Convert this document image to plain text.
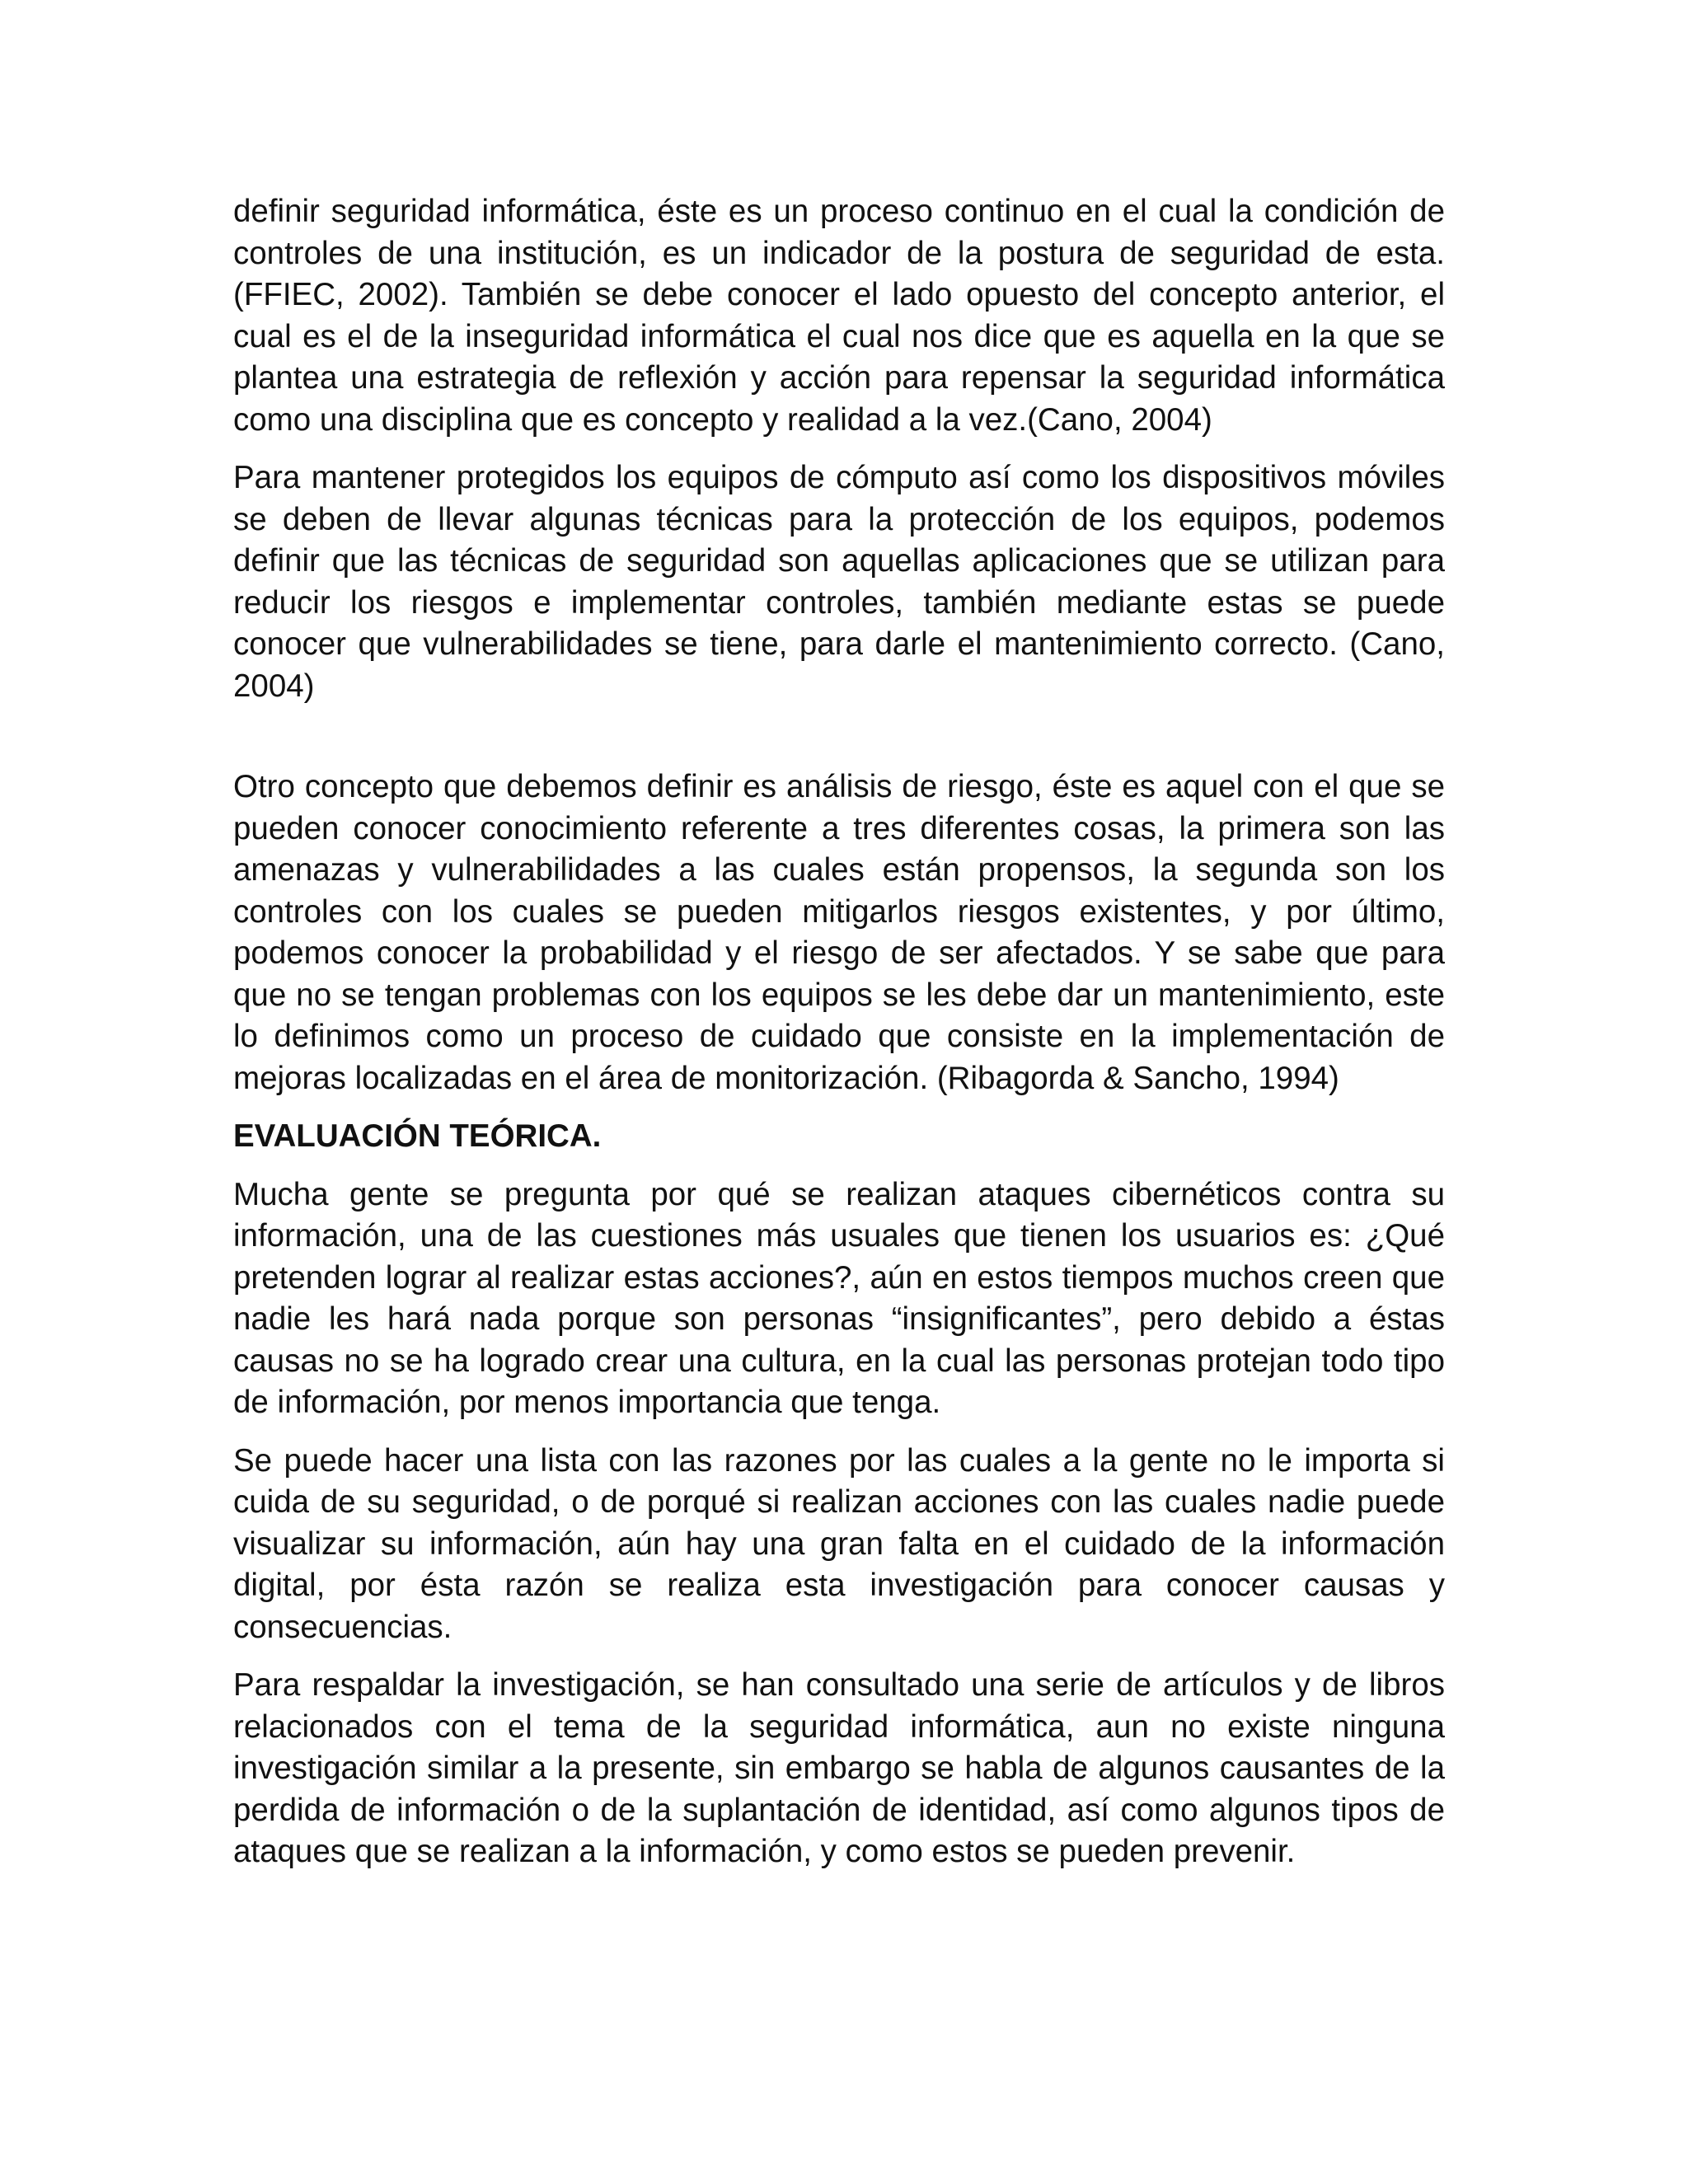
definir seguridad informática, éste es un proceso continuo en el cual la condición de controles de una institución, es un indicador de la postura de seguridad de esta. (FFIEC, 2002). También se debe conocer el lado opuesto del concepto anterior, el cual es el de la inseguridad informática el cual nos dice que es aquella en la que se plantea una estrategia de reflexión y acción para repensar la seguridad informática como una disciplina que es concepto y realidad a la vez.(Cano, 2004)

Para mantener protegidos los equipos de cómputo así como los dispositivos móviles se deben de llevar algunas técnicas para la protección de los equipos, podemos definir que las técnicas de seguridad son aquellas aplicaciones que se utilizan para reducir los riesgos e implementar controles, también mediante estas se puede conocer que vulnerabilidades se tiene, para darle el mantenimiento correcto. (Cano, 2004)

Otro concepto que debemos definir es análisis de riesgo, éste es aquel con el que se pueden conocer conocimiento referente a tres diferentes cosas, la primera son las amenazas y vulnerabilidades a las cuales están propensos, la segunda son los controles con los cuales se pueden mitigarlos riesgos existentes, y por último, podemos conocer la probabilidad y el riesgo de ser afectados. Y se sabe que para que no se tengan problemas con los equipos se les debe dar un mantenimiento, este lo definimos como un proceso de cuidado que consiste en la implementación de mejoras localizadas en el área de monitorización. (Ribagorda & Sancho, 1994)

EVALUACIÓN TEÓRICA.

Mucha gente se pregunta por qué se realizan ataques cibernéticos contra su información, una de las cuestiones más usuales que tienen los usuarios es: ¿Qué pretenden lograr al realizar estas acciones?, aún en estos tiempos muchos creen que nadie les hará nada porque son personas “insignificantes”, pero debido a éstas causas no se ha logrado crear una cultura, en la cual las personas protejan todo tipo de información, por menos importancia que tenga.

Se puede hacer una lista con las razones por las cuales a la gente no le importa si cuida de su seguridad, o de porqué si realizan acciones con las cuales nadie puede visualizar su información, aún hay una gran falta en el cuidado de la información digital, por ésta razón se realiza esta investigación para conocer causas y consecuencias.

Para respaldar la investigación, se han consultado una serie de artículos y de libros relacionados con el tema de la seguridad informática, aun no existe ninguna investigación similar a la presente, sin embargo se habla de algunos causantes de la perdida de información o de la suplantación de identidad, así como algunos tipos de ataques que se realizan a la información, y como estos se pueden prevenir.
